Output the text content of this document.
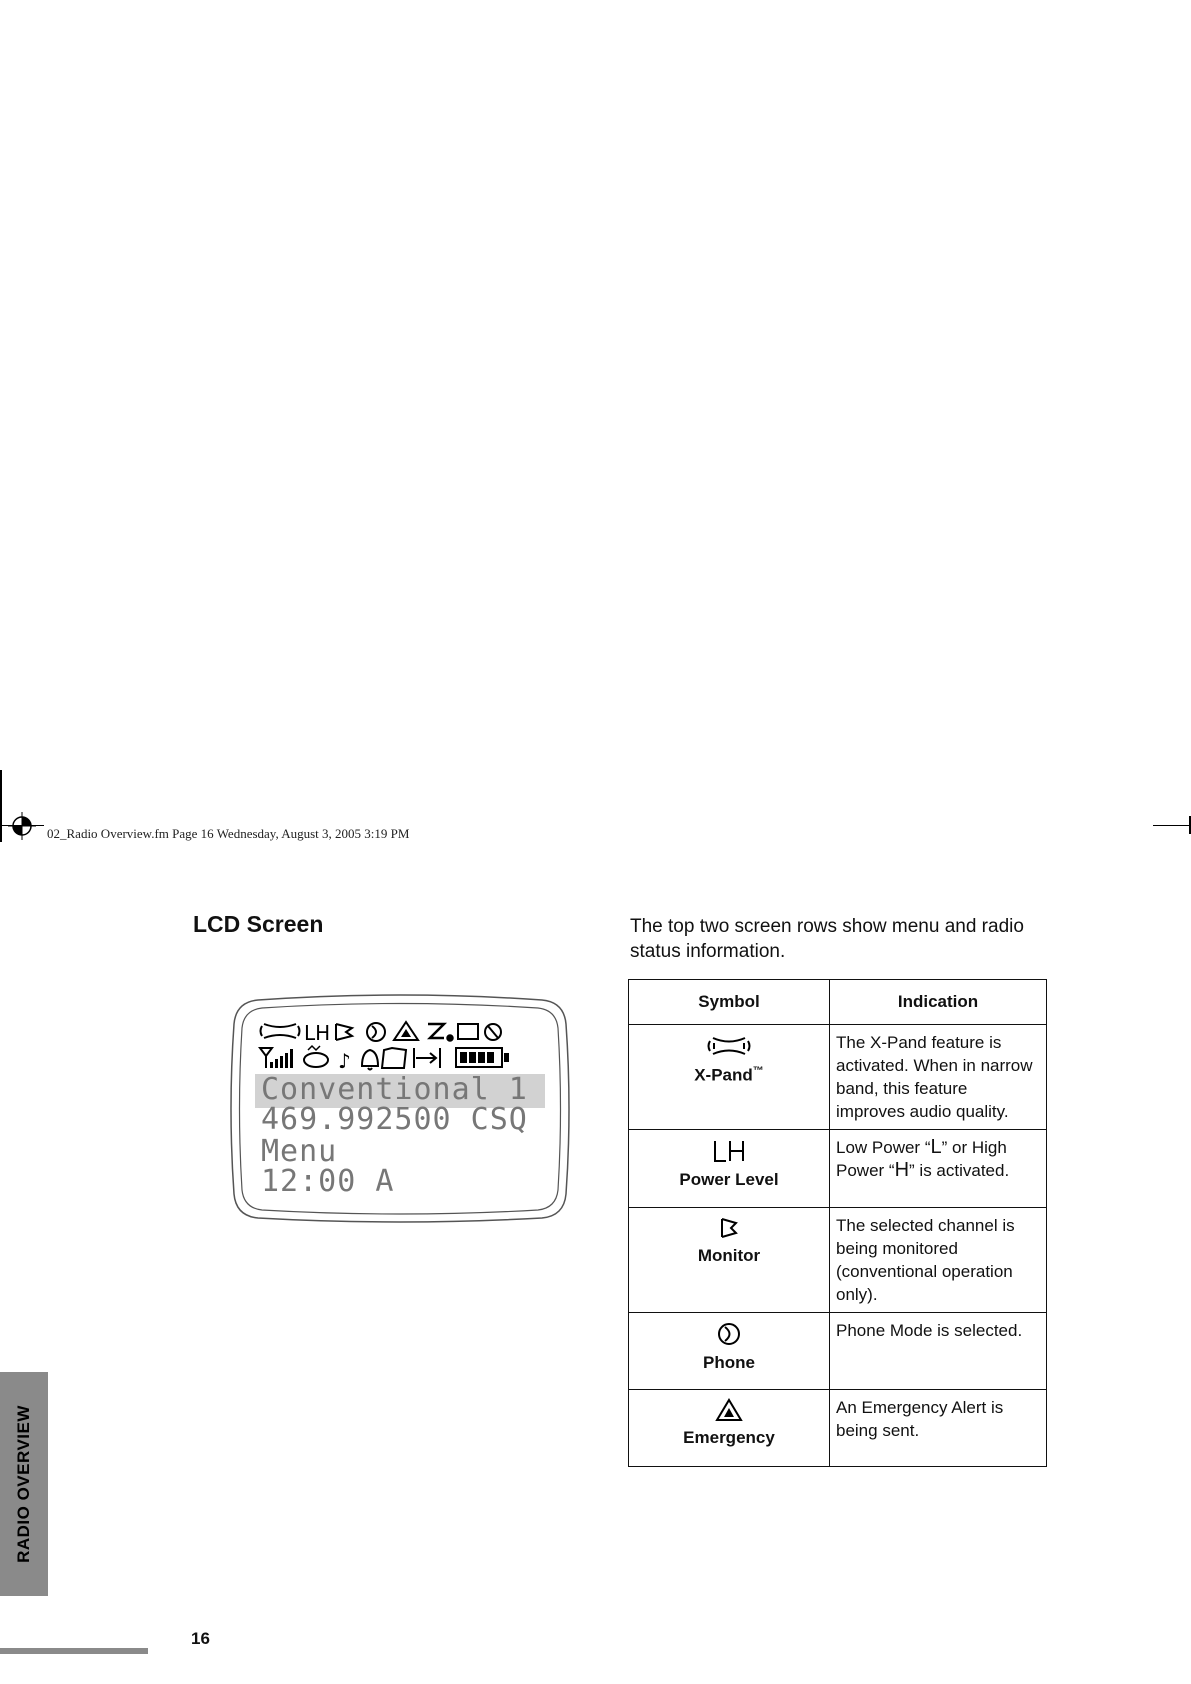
02_Radio Overview.fm Page 16 Wednesday, August 3, 2005 3:19 PM
LCD Screen	The top two screen rows show menu and radio status information.
LH
♪
Conventional 1
469.992500 CSQ
Menu
12:00 A
Symbol	Indication

X-Pand™	The X-Pand feature is activated. When in narrow band, this feature improves audio quality.

Power Level	Low Power “L” or High Power “H” is activated.

Monitor	The selected channel is being monitored (conventional operation only).

Phone	Phone Mode is selected.

Emergency	An Emergency Alert is being sent.
RADIO OVERVIEW
16
